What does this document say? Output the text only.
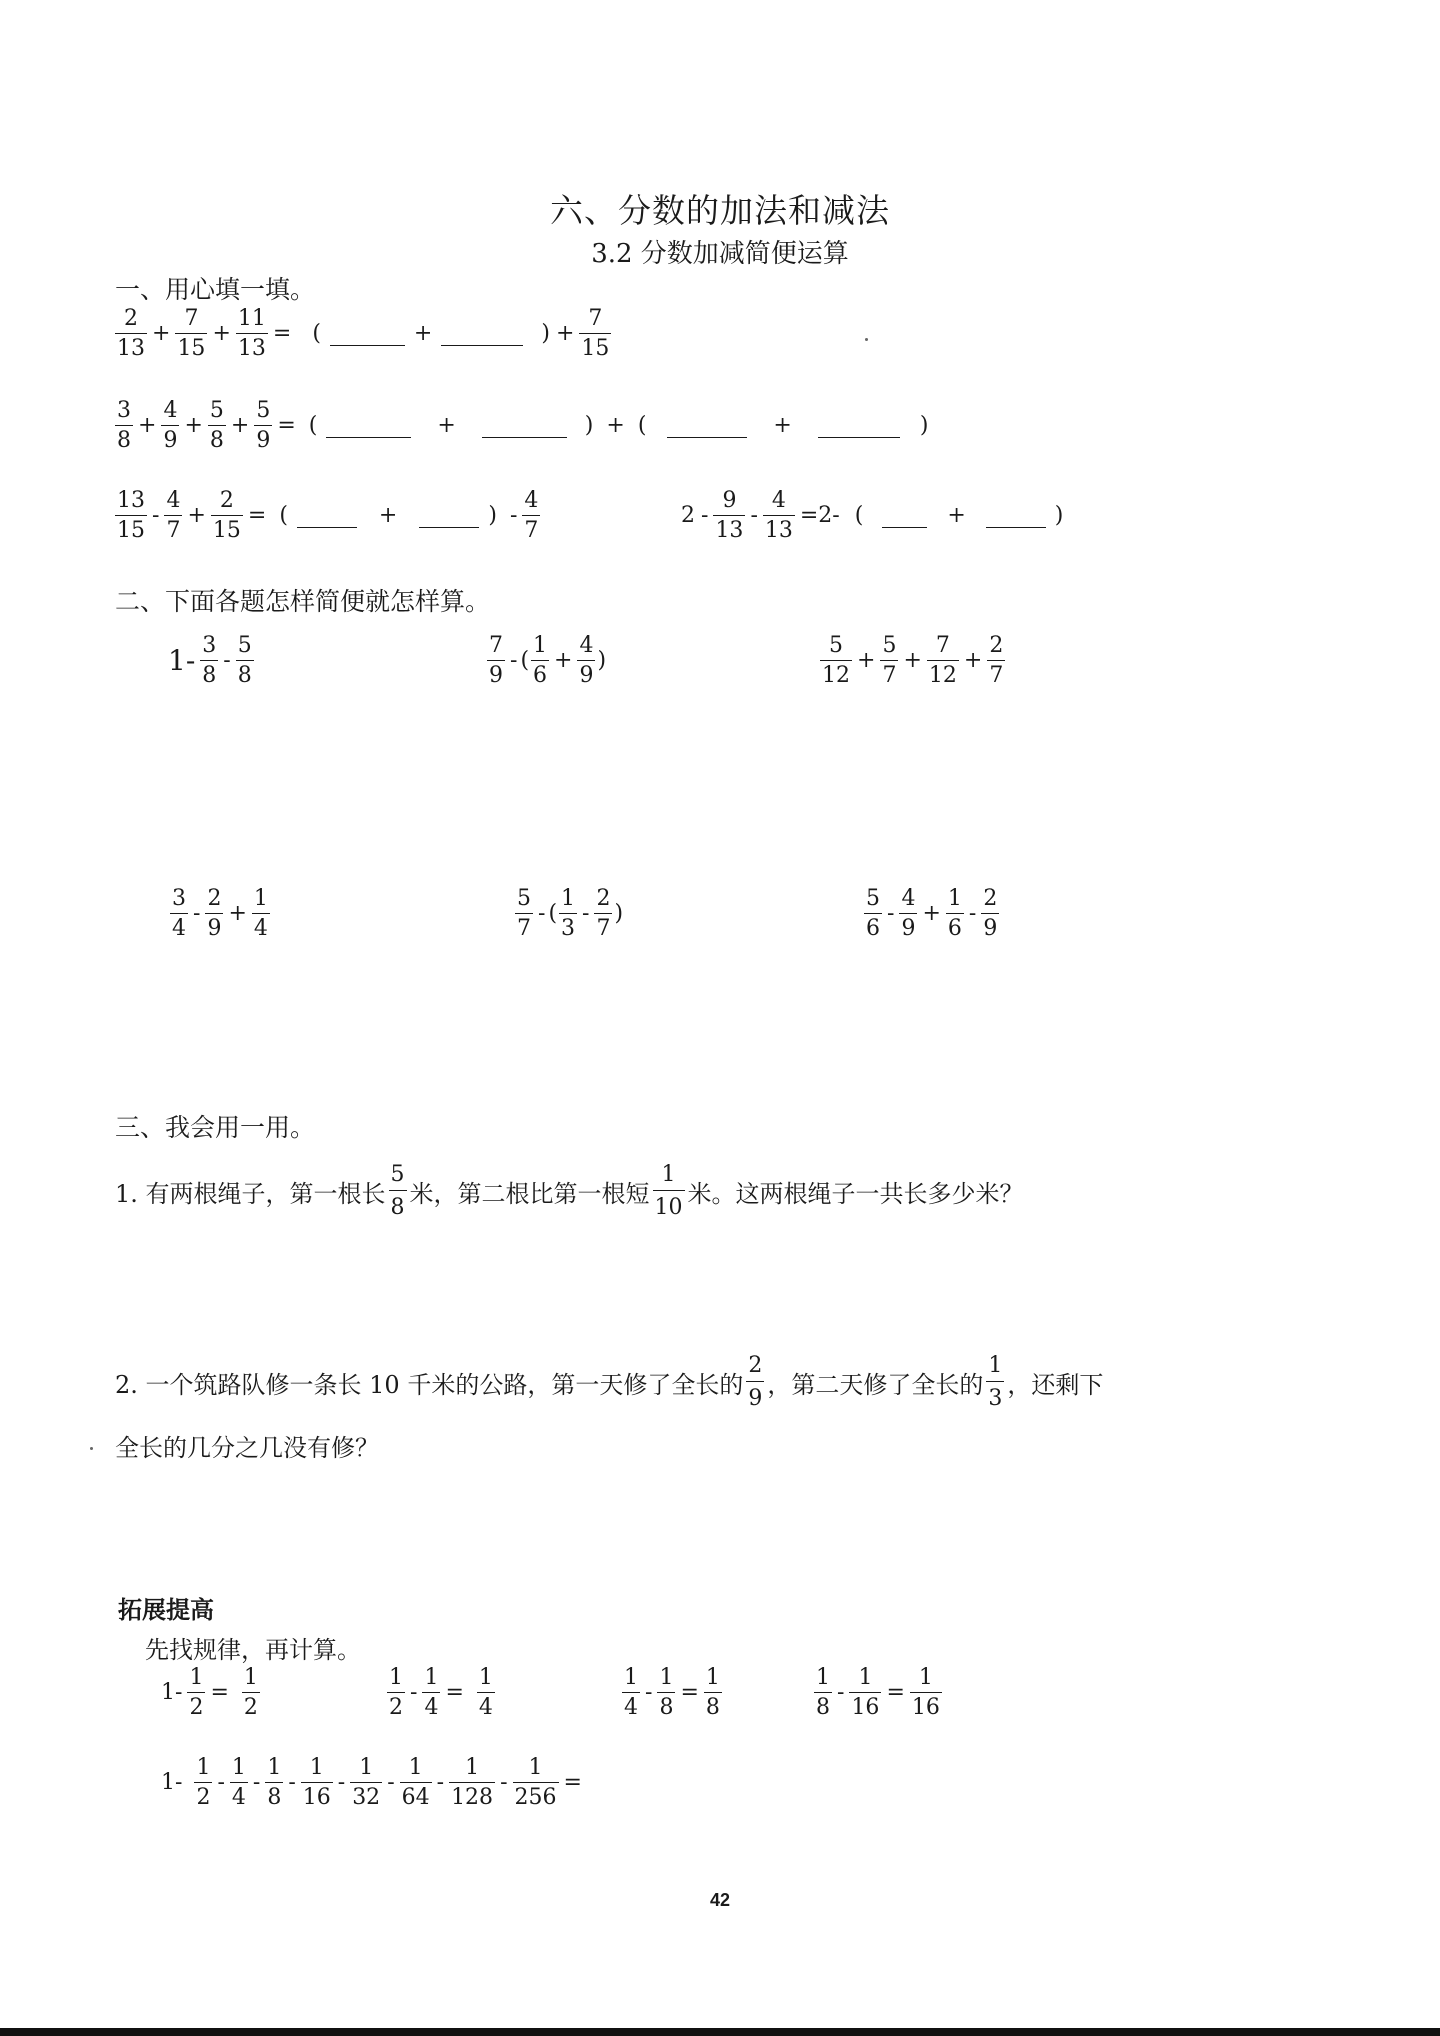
六、分数的加法和减法
3.2 分数加减简便运算
一、用心填一填。
$\frac{2}{13} + \frac{7}{15} + \frac{11}{13}$ = (	+	) + $\frac{7}{15}$
$\frac{3}{8} + \frac{4}{9} + \frac{5}{8} + \frac{5}{9}$ = (	+	) + (	+	)
$\frac{13}{15} - \frac{4}{7} + \frac{2}{15}$ = (	+	) - $\frac{4}{7}$	$2 - \frac{9}{13} - \frac{4}{13} =2-$ (	+	)
二、下面各题怎样简便就怎样算。
$1- \frac{3}{8} - \frac{5}{8}$	$\frac{7}{9}$ - ( $\frac{1}{6} + \frac{4}{9}$ )	$\frac{5}{12} + \frac{5}{7} + \frac{7}{12} + \frac{2}{7}$
$\frac{3}{4} - \frac{2}{9} + \frac{1}{4}$	$\frac{5}{7}$ - ( $\frac{1}{3} - \frac{2}{7}$ )	$\frac{5}{6} - \frac{4}{9} + \frac{1}{6} - \frac{2}{9}$
三、我会用一用。
1. 有两根绳子，第一根长 $\frac{5}{8}$ 米，第二根比第一根短 $\frac{1}{10}$ 米。这两根绳子一共长多少米？
2. 一个筑路队修一条长 10 千米的公路，第一天修了全长的 $\frac{2}{9}$ ，第二天修了全长的 $\frac{1}{3}$ ，还剩下
全长的几分之几没有修？
拓展提高
先找规律，再计算。
$1- \frac{1}{2} = \frac{1}{2}$	$\frac{1}{2} - \frac{1}{4} = \frac{1}{4}$	$\frac{1}{4} - \frac{1}{8} = \frac{1}{8}$	$\frac{1}{8} - \frac{1}{16} = \frac{1}{16}$
$1- \frac{1}{2} - \frac{1}{4} - \frac{1}{8} - \frac{1}{16} - \frac{1}{32} - \frac{1}{64} - \frac{1}{128} - \frac{1}{256}$ =
42
